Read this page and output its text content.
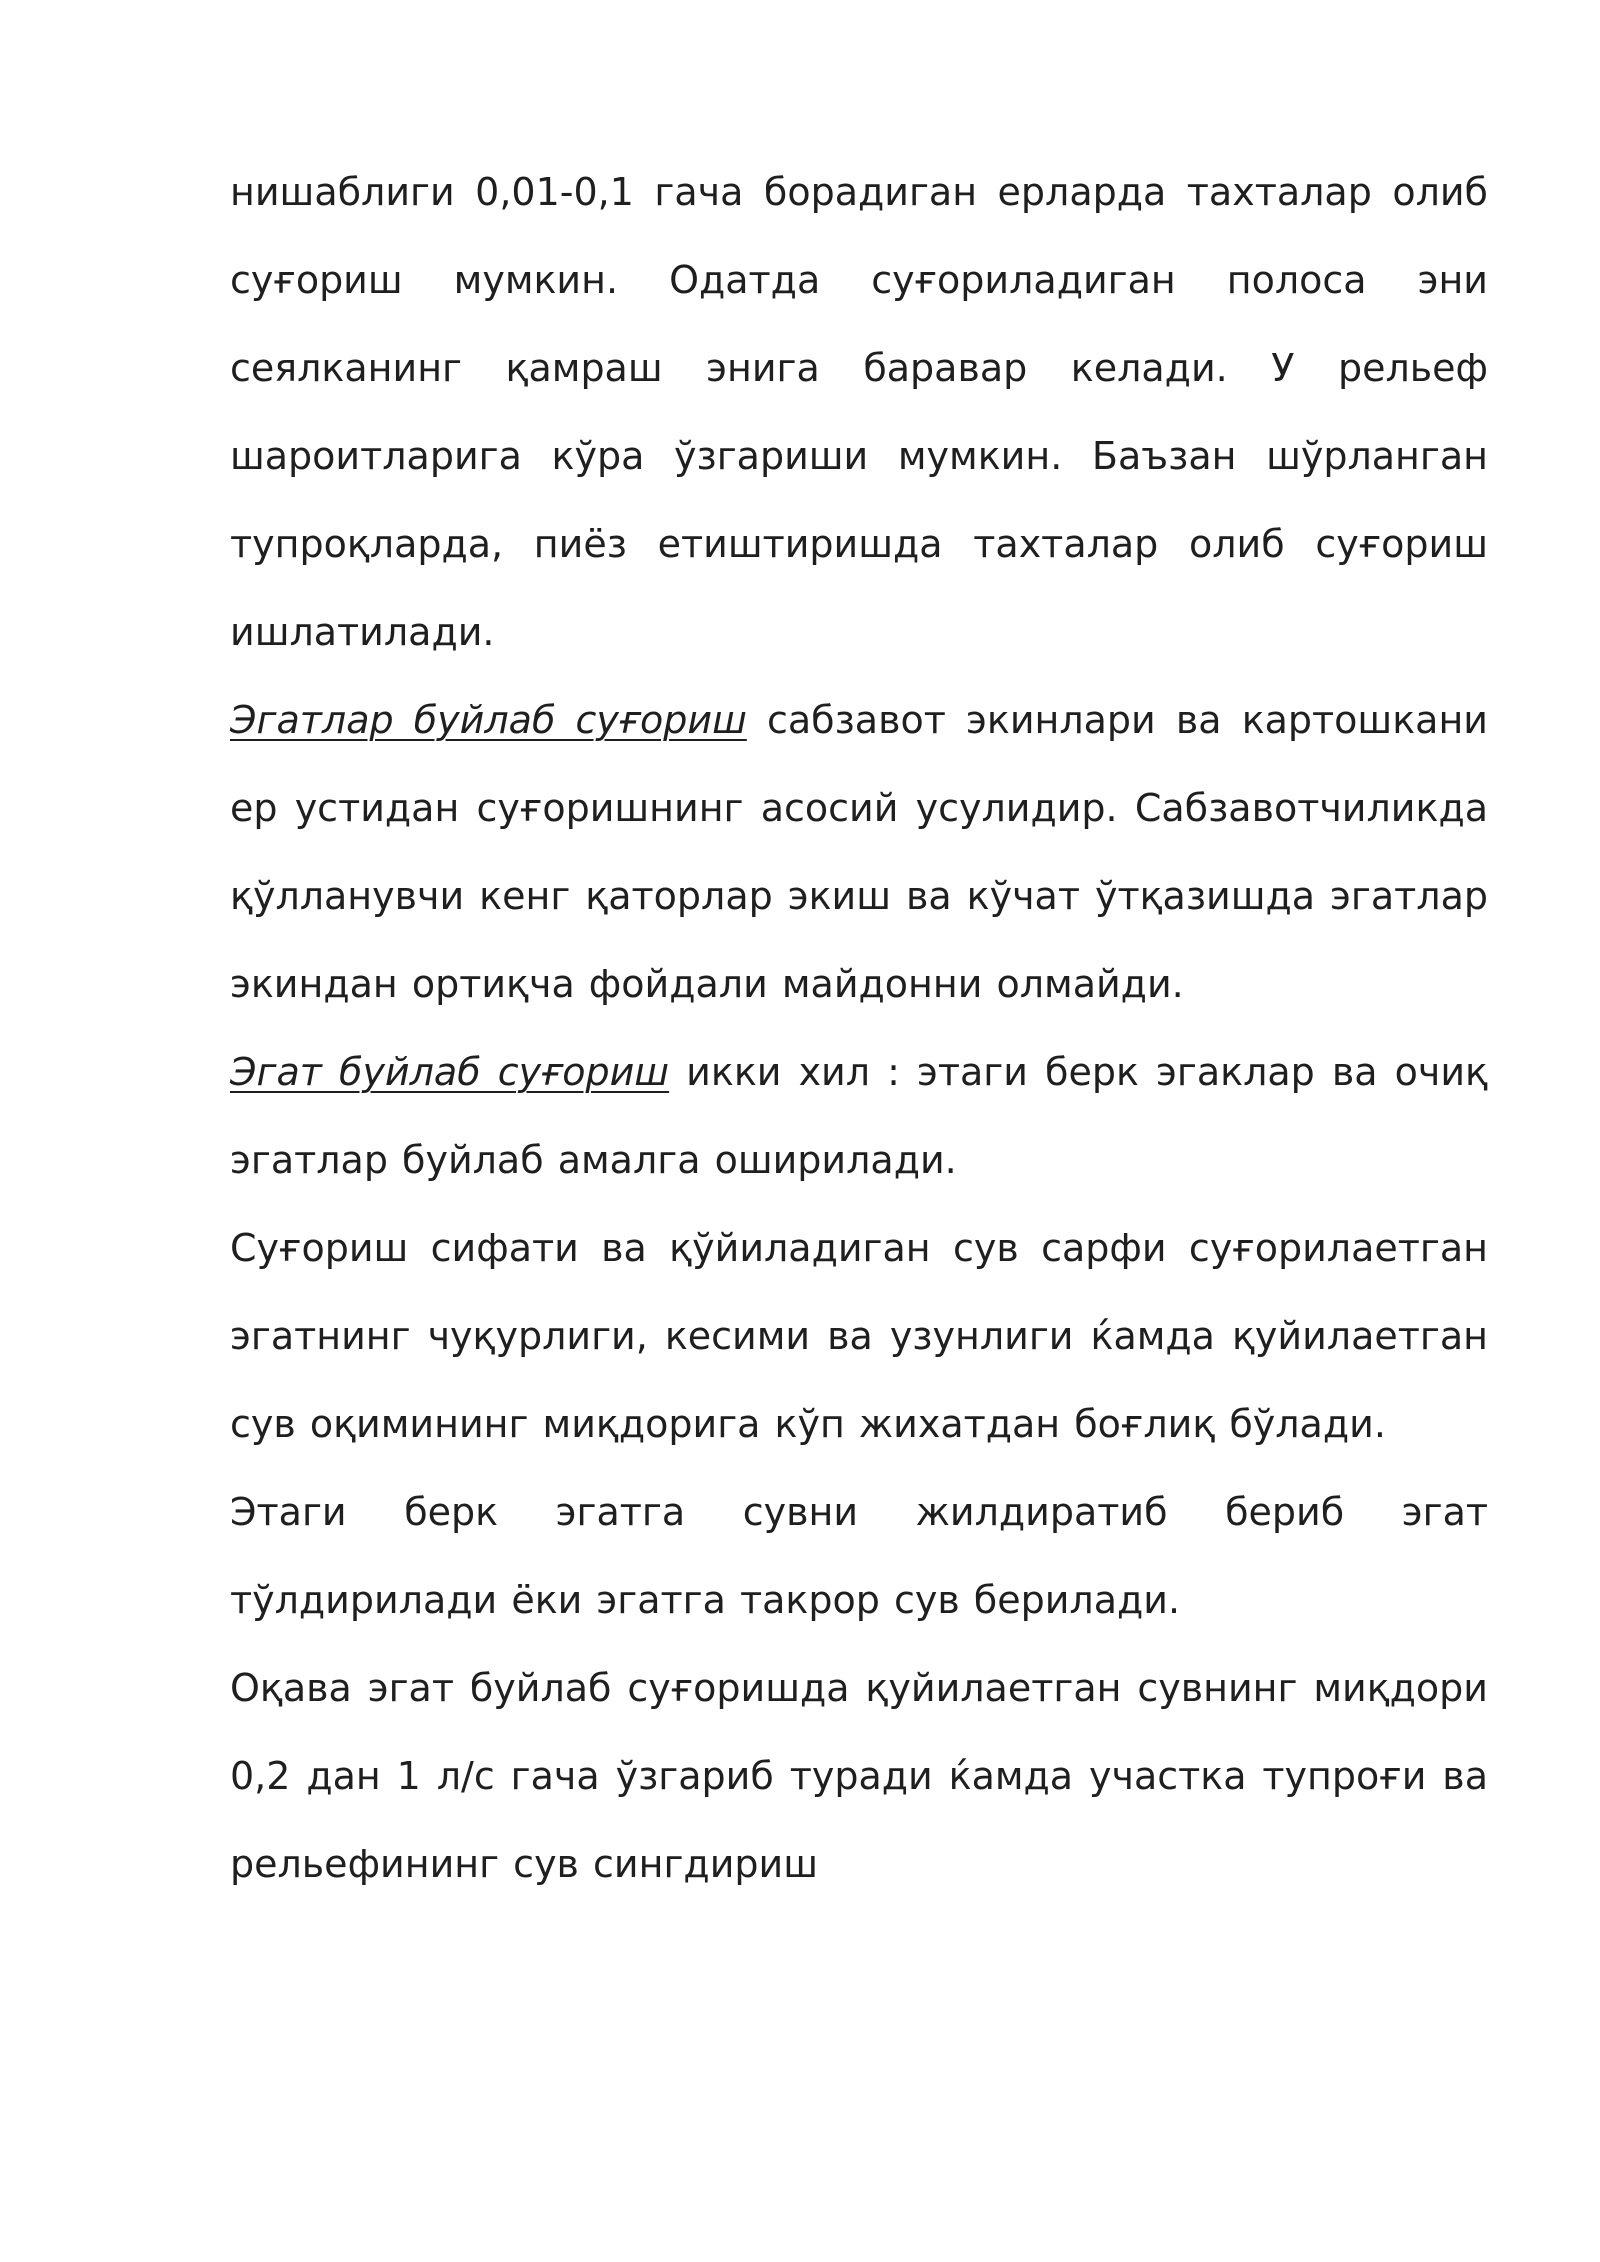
нишаблиги 0,01-0,1 гача борадиган ерларда тахталар олиб суғориш мумкин. Одатда суғориладиган полоса эни сеялканинг қамраш энига баравар келади. У рельеф шароитларига кўра ўзгариши мумкин. Баъзан шўрланган тупроқларда, пиёз етиштиришда тахталар олиб суғориш ишлатилади.

Эгатлар буйлаб суғориш сабзавот экинлари ва картошкани ер устидан суғоришнинг асосий усулидир. Сабзавотчиликда қўлланувчи кенг қаторлар экиш ва кўчат ўтқазишда эгатлар экиндан ортиқча фойдали майдонни олмайди.

Эгат буйлаб суғориш икки хил : этаги берк эгаклар ва очиқ эгатлар буйлаб амалга оширилади.

Суғориш сифати ва қўйиладиган сув сарфи суғорилаетган эгатнинг чуқурлиги, кесими ва узунлиги ќамда қуйилаетган сув оқимининг миқдорига кўп жихатдан боғлиқ бўлади.

Этаги берк эгатга сувни жилдиратиб бериб эгат тўлдирилади ёки эгатга такрор сув берилади.

Оқава эгат буйлаб суғоришда қуйилаетган сувнинг миқдори 0,2 дан 1 л/с гача ўзгариб туради ќамда участка тупроғи ва рельефининг сув сингдириш
